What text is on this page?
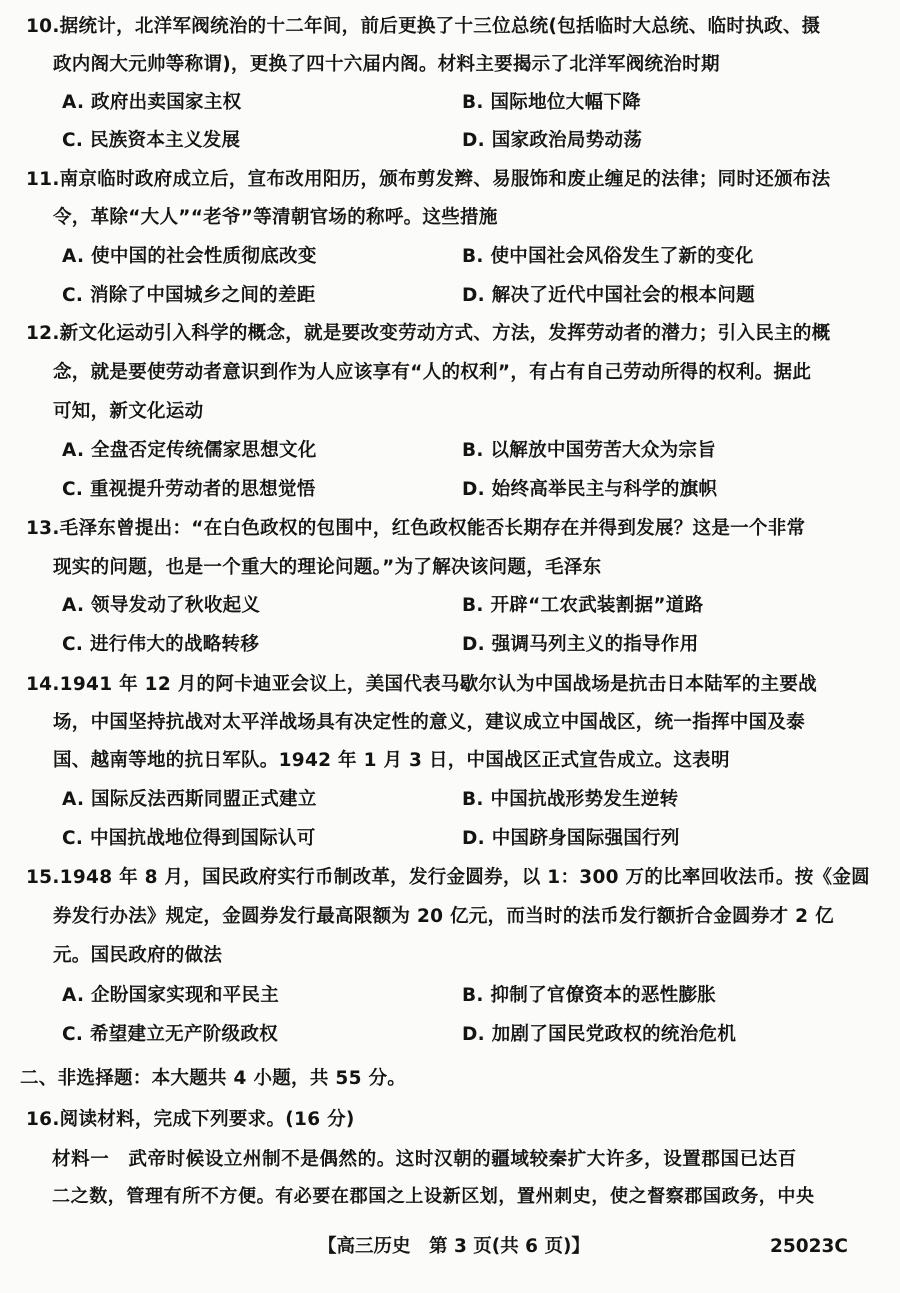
10.据统计，北洋军阀统治的十二年间，前后更换了十三位总统(包括临时大总统、临时执政、摄
政内阁大元帅等称谓)，更换了四十六届内阁。材料主要揭示了北洋军阀统治时期
A. 政府出卖国家主权	B. 国际地位大幅下降
C. 民族资本主义发展	D. 国家政治局势动荡
11.南京临时政府成立后，宣布改用阳历，颁布剪发辫、易服饰和废止缠足的法律；同时还颁布法
令，革除“大人”“老爷”等清朝官场的称呼。这些措施
A. 使中国的社会性质彻底改变	B. 使中国社会风俗发生了新的变化
C. 消除了中国城乡之间的差距	D. 解决了近代中国社会的根本问题
12.新文化运动引入科学的概念，就是要改变劳动方式、方法，发挥劳动者的潜力；引入民主的概
念，就是要使劳动者意识到作为人应该享有“人的权利”，有占有自己劳动所得的权利。据此
可知，新文化运动
A. 全盘否定传统儒家思想文化	B. 以解放中国劳苦大众为宗旨
C. 重视提升劳动者的思想觉悟	D. 始终高举民主与科学的旗帜
13.毛泽东曾提出：“在白色政权的包围中，红色政权能否长期存在并得到发展？这是一个非常
现实的问题，也是一个重大的理论问题。”为了解决该问题，毛泽东
A. 领导发动了秋收起义	B. 开辟“工农武装割据”道路
C. 进行伟大的战略转移	D. 强调马列主义的指导作用
14.1941 年 12 月的阿卡迪亚会议上，美国代表马歇尔认为中国战场是抗击日本陆军的主要战
场，中国坚持抗战对太平洋战场具有决定性的意义，建议成立中国战区，统一指挥中国及泰
国、越南等地的抗日军队。1942 年 1 月 3 日，中国战区正式宣告成立。这表明
A. 国际反法西斯同盟正式建立	B. 中国抗战形势发生逆转
C. 中国抗战地位得到国际认可	D. 中国跻身国际强国行列
15.1948 年 8 月，国民政府实行币制改革，发行金圆券，以 1：300 万的比率回收法币。按《金圆
券发行办法》规定，金圆券发行最高限额为 20 亿元，而当时的法币发行额折合金圆券才 2 亿
元。国民政府的做法
A. 企盼国家实现和平民主	B. 抑制了官僚资本的恶性膨胀
C. 希望建立无产阶级政权	D. 加剧了国民党政权的统治危机
二、非选择题：本大题共 4 小题，共 55 分。
16.阅读材料，完成下列要求。(16 分)
材料一　武帝时候设立州制不是偶然的。这时汉朝的疆域较秦扩大许多，设置郡国已达百
二之数，管理有所不方便。有必要在郡国之上设新区划，置州刺史，使之督察郡国政务，中央
【高三历史　第 3 页(共 6 页)】	25023C
